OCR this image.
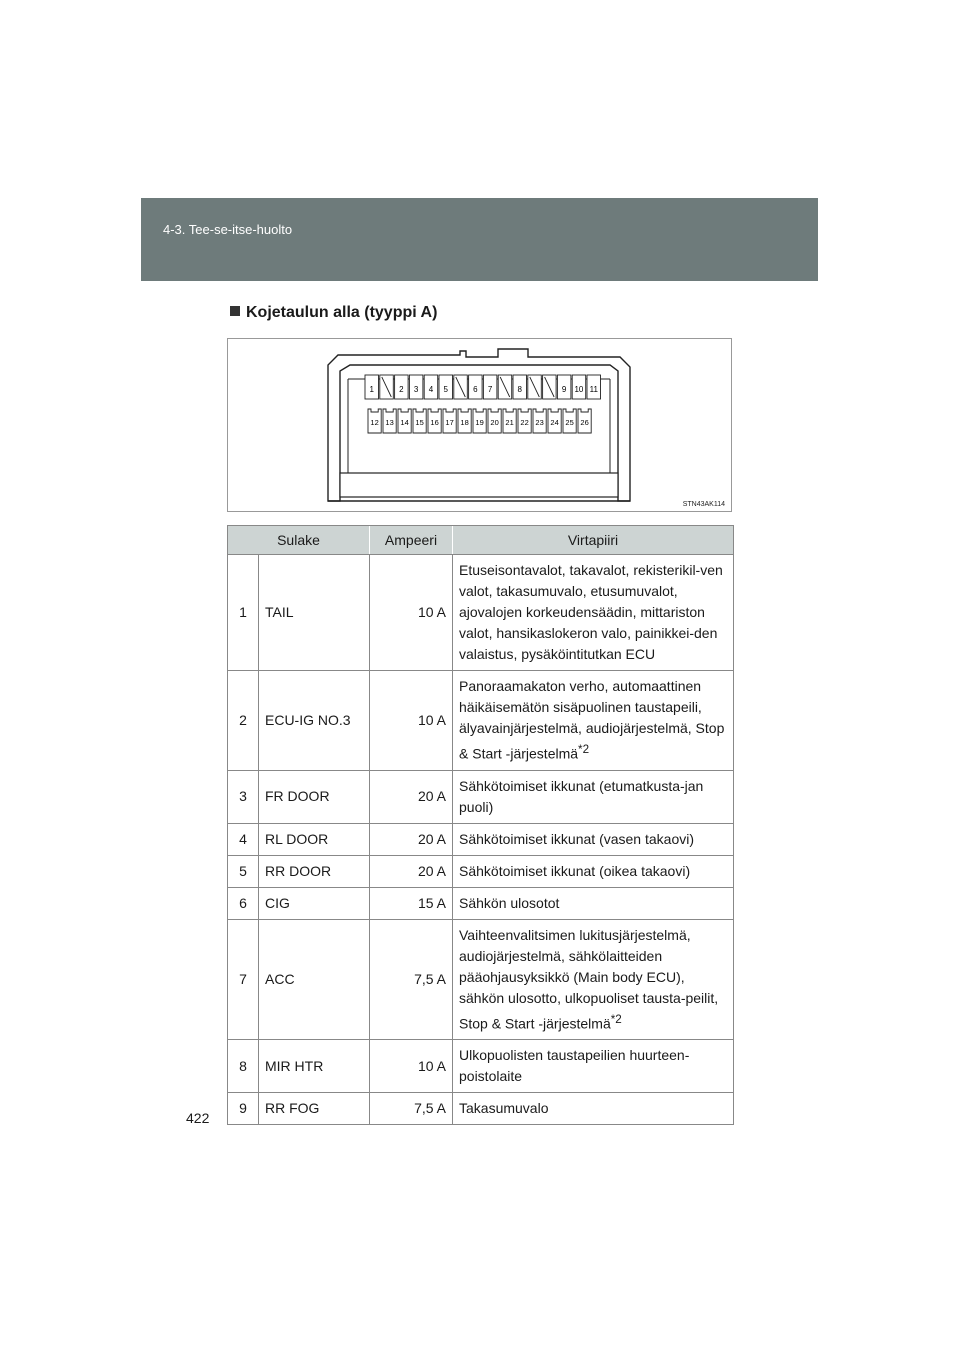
4-3. Tee-se-itse-huolto
Kojetaulun alla (tyyppi A)
1	2 3 4 5	6 7	8	9 10 11
12 13 14 15 16 17 18 19 20 21 22 23 24 25 26
STN43AK114
Sulake		Ampeeri	Virtapiiri
1	TAIL	10 A	Etuseisontavalot, takavalot, rekisterikil-ven valot, takasumuvalo, etusumuvalot, ajovalojen korkeudensäädin, mittariston valot, hansikaslokeron valo, painikkei-den valaistus, pysäköintitutkan ECU
2	ECU-IG NO.3	10 A	Panoraamakaton verho, automaattinen häikäisemätön sisäpuolinen taustapeili, älyavainjärjestelmä, audiojärjestelmä, Stop & Start -järjestelmä$^{*2}$
3	FR DOOR	20 A	Sähkötoimiset ikkunat (etumatkusta-jan puoli)
4	RL DOOR	20 A	Sähkötoimiset ikkunat (vasen takaovi)
5	RR DOOR	20 A	Sähkötoimiset ikkunat (oikea takaovi)
6	CIG	15 A	Sähkön ulosotot
7	ACC	7,5 A	Vaihteenvalitsimen lukitusjärjestelmä, audiojärjestelmä, sähkölaitteiden pääohjausyksikkö (Main body ECU), sähkön ulosotto, ulkopuoliset tausta-peilit, Stop & Start -järjestelmä$^{*2}$
8	MIR HTR	10 A	Ulkopuolisten taustapeilien huurteen-poistolaite
9	RR FOG	7,5 A	Takasumuvalo
422
